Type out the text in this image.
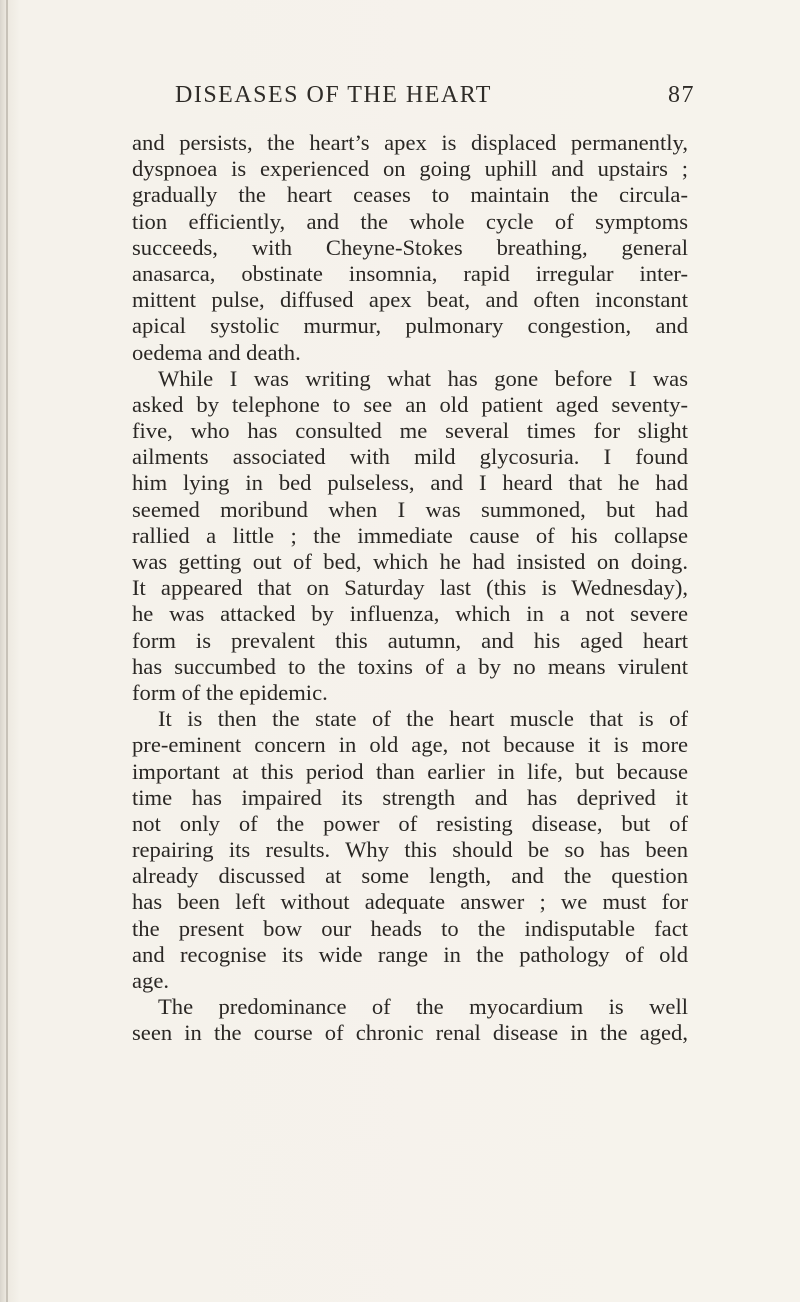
DISEASES OF THE HEART	87
and persists, the heart’s apex is displaced permanently,
dyspnoea is experienced on going uphill and upstairs ;
gradually the heart ceases to maintain the circula-
tion efficiently, and the whole cycle of symptoms
succeeds, with Cheyne-Stokes breathing, general
anasarca, obstinate insomnia, rapid irregular inter-
mittent pulse, diffused apex beat, and often inconstant
apical systolic murmur, pulmonary congestion, and
oedema and death.
While I was writing what has gone before I was
asked by telephone to see an old patient aged seventy-
five, who has consulted me several times for slight
ailments associated with mild glycosuria. I found
him lying in bed pulseless, and I heard that he had
seemed moribund when I was summoned, but had
rallied a little ; the immediate cause of his collapse
was getting out of bed, which he had insisted on doing.
It appeared that on Saturday last (this is Wednesday),
he was attacked by influenza, which in a not severe
form is prevalent this autumn, and his aged heart
has succumbed to the toxins of a by no means virulent
form of the epidemic.
It is then the state of the heart muscle that is of
pre-eminent concern in old age, not because it is more
important at this period than earlier in life, but because
time has impaired its strength and has deprived it
not only of the power of resisting disease, but of
repairing its results. Why this should be so has been
already discussed at some length, and the question
has been left without adequate answer ; we must for
the present bow our heads to the indisputable fact
and recognise its wide range in the pathology of old
age.
The predominance of the myocardium is well
seen in the course of chronic renal disease in the aged,
